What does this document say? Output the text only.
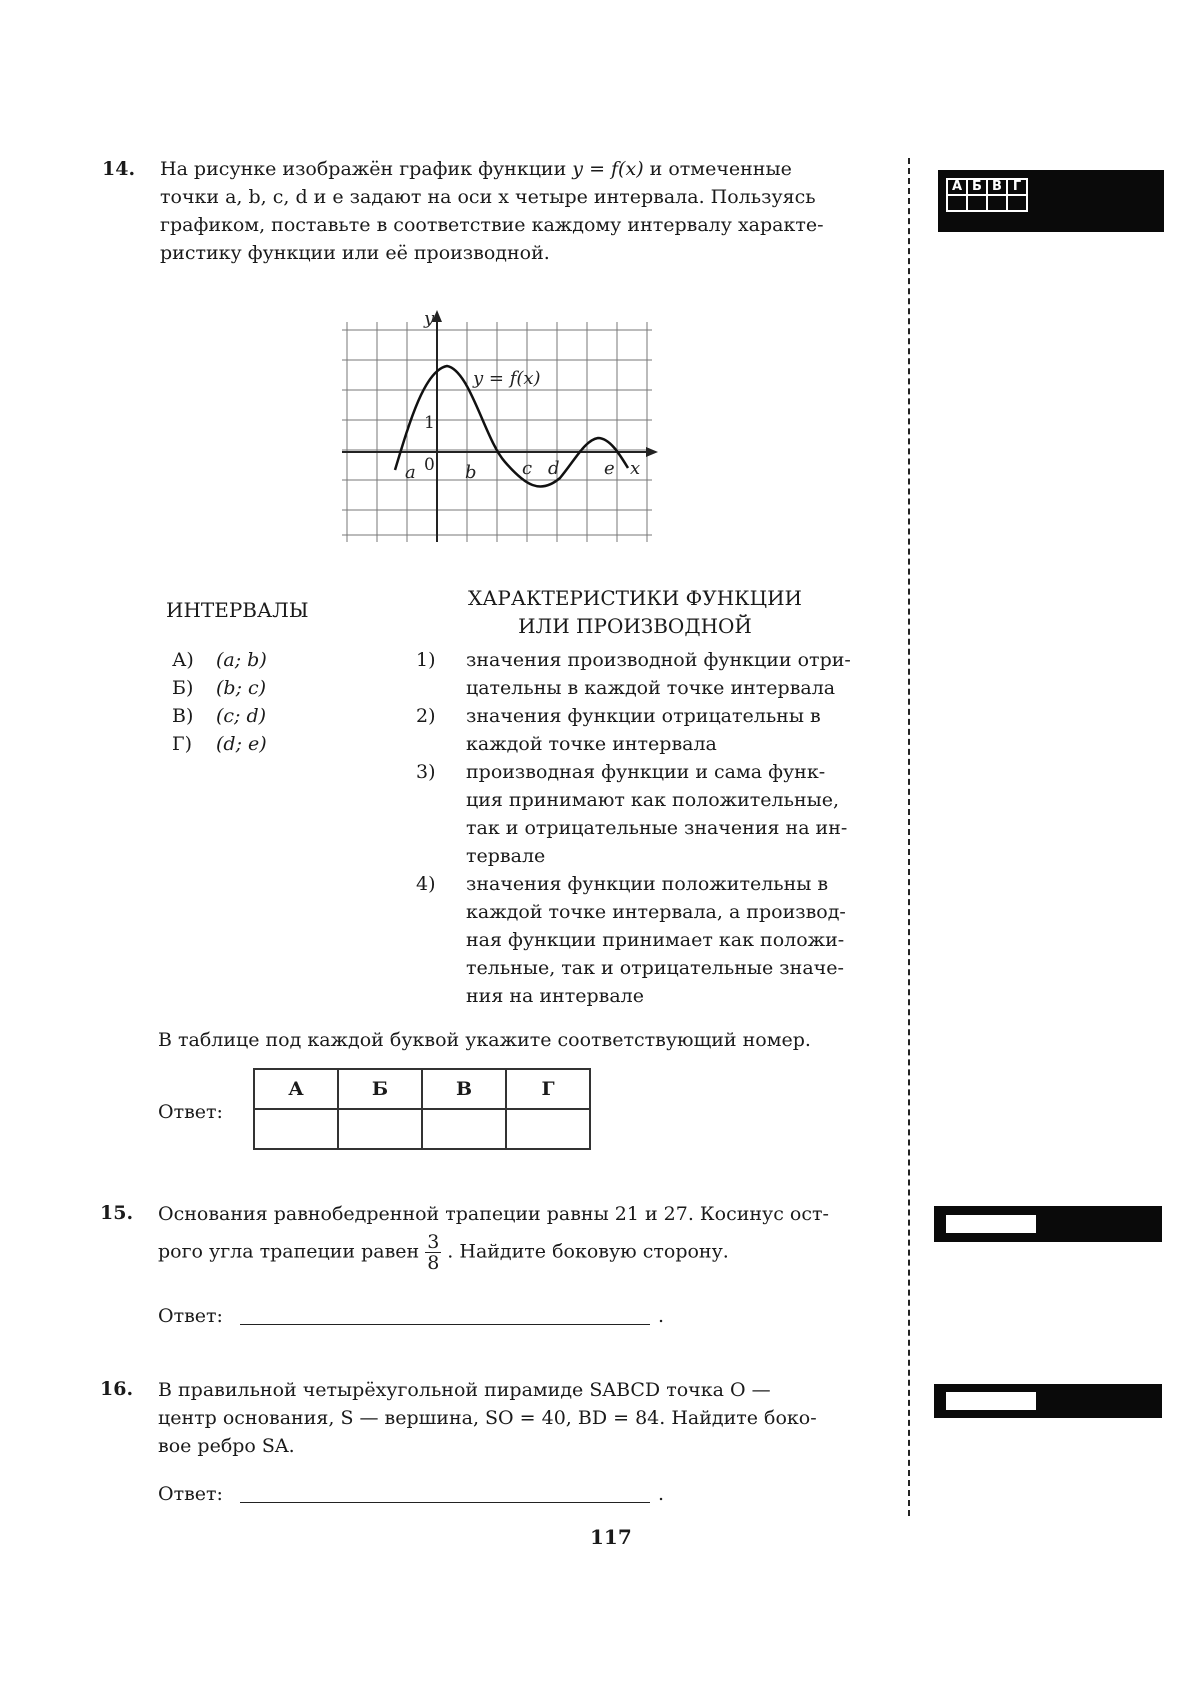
14. На рисунке изображён график функции y = f(x) и отмеченные
точки a, b, c, d и e задают на оси x четыре интервала. Пользуясь
графиком, поставьте в соответствие каждому интервалу характе-
ристику функции или её производной.
А	Б	В	Г

y
x
0
1
y = f(x)
a	b	c d e
ИНТЕРВАЛЫ
А) (a; b)
Б) (b; c)
В) (c; d)
Г) (d; e)
ХАРАКТЕРИСТИКИ ФУНКЦИИ
ИЛИ ПРОИЗВОДНОЙ
1) значения производной функции отри-
цательны в каждой точке интервала
2) значения функции отрицательны в
каждой точке интервала
3) производная функции и сама функ-
ция принимают как положительные,
так и отрицательные значения на ин-
тервале
4) значения функции положительны в
каждой точке интервала, а производ-
ная функции принимает как положи-
тельные, так и отрицательные значе-
ния на интервале
В таблице под каждой буквой укажите соответствующий номер.
Ответ:
А	Б	В	Г

15. Основания равнобедренной трапеции равны 21 и 27. Косинус ост-
рого угла трапеции равен $\frac{3}{8}$ . Найдите боковую сторону.
Ответ:	.
16. В правильной четырёхугольной пирамиде SABCD точка O —
центр основания, S — вершина, SO = 40, BD = 84. Найдите боко-
вое ребро SA.
Ответ:	.
117
